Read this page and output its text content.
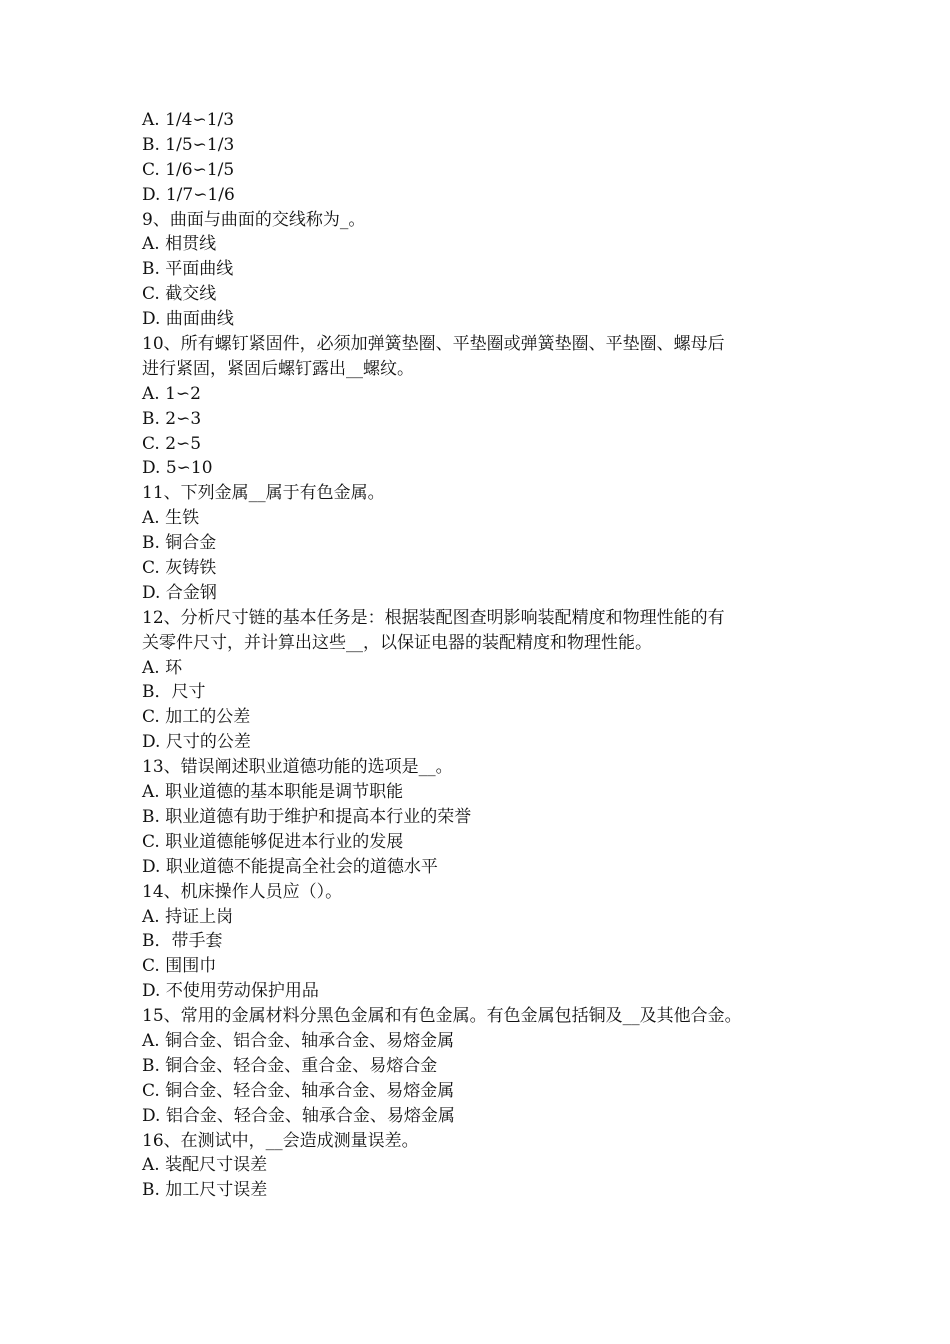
A. 1/4∽1/3
B. 1/5∽1/3
C. 1/6∽1/5
D. 1/7∽1/6
9、曲面与曲面的交线称为_。
A. 相贯线
B. 平面曲线
C. 截交线
D. 曲面曲线
10、所有螺钉紧固件，必须加弹簧垫圈、平垫圈或弹簧垫圈、平垫圈、螺母后
进行紧固，紧固后螺钉露出__螺纹。
A. 1∽2
B. 2∽3
C. 2∽5
D. 5∽10
11、下列金属__属于有色金属。
A. 生铁
B. 铜合金
C. 灰铸铁
D. 合金钢
12、分析尺寸链的基本任务是：根据装配图查明影响装配精度和物理性能的有
关零件尺寸，并计算出这些__，以保证电器的装配精度和物理性能。
A. 环
B．尺寸
C. 加工的公差
D. 尺寸的公差
13、错误阐述职业道德功能的选项是__。
A. 职业道德的基本职能是调节职能
B. 职业道德有助于维护和提高本行业的荣誉
C. 职业道德能够促进本行业的发展
D. 职业道德不能提高全社会的道德水平
14、机床操作人员应（）。
A. 持证上岗
B．带手套
C. 围围巾
D. 不使用劳动保护用品
15、常用的金属材料分黑色金属和有色金属。有色金属包括铜及__及其他合金。
A. 铜合金、铝合金、轴承合金、易熔金属
B. 铜合金、轻合金、重合金、易熔合金
C. 铜合金、轻合金、轴承合金、易熔金属
D. 铝合金、轻合金、轴承合金、易熔金属
16、在测试中，__会造成测量误差。
A. 装配尺寸误差
B. 加工尺寸误差
